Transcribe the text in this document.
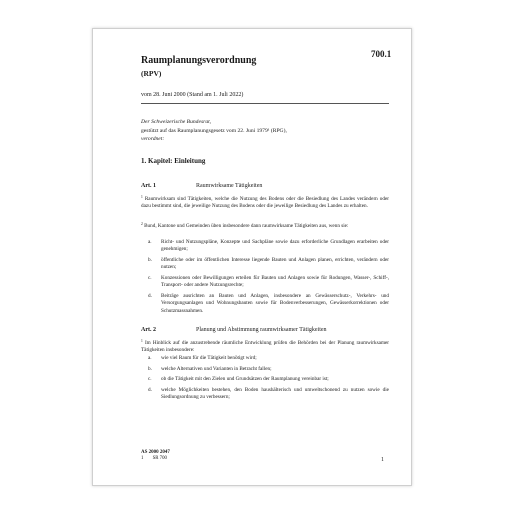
700.1
Raumplanungsverordnung
(RPV)
vom 28. Juni 2000 (Stand am 1. Juli 2022)
Der Schweizerische Bundesrat,
gestützt auf das Raumplanungsgesetz vom 22. Juni 1979¹ (RPG),
verordnet:
1. Kapitel: Einleitung
Art. 1	Raumwirksame Tätigkeiten
$^1$ Raumwirksam sind Tätigkeiten, welche die Nutzung des Bodens oder die Besiedlung des Landes verändern oder dazu bestimmt sind, die jeweilige Nutzung des Bodens oder die jeweilige Besiedlung des Landes zu erhalten.
$^2$ Bund, Kantone und Gemeinden üben insbesondere dann raumwirksame Tätigkeiten aus, wenn sie:
a. Richt- und Nutzungspläne, Konzepte und Sachpläne sowie dazu erforderliche Grundlagen erarbeiten oder genehmigen;
b. öffentliche oder im öffentlichen Interesse liegende Bauten und Anlagen planen, errichten, verändern oder nutzen;
c. Konzessionen oder Bewilligungen erteilen für Bauten und Anlagen sowie für Rodungen, Wasser-, Schiff-, Transport- oder andere Nutzungsrechte;
d. Beiträge ausrichten an Bauten und Anlagen, insbesondere an Gewässerschutz-, Verkehrs- und Versorgungsanlagen und Wohnungsbauten sowie für Bodenverbesserungen, Gewässerkorrektionen oder Schutzmassnahmen.
Art. 2	Planung und Abstimmung raumwirksamer Tätigkeiten
$^1$ Im Hinblick auf die anzustrebende räumliche Entwicklung prüfen die Behörden bei der Planung raumwirksamer Tätigkeiten insbesondere:
a. wie viel Raum für die Tätigkeit benötigt wird;
b. welche Alternativen und Varianten in Betracht fallen;
c. ob die Tätigkeit mit den Zielen und Grundsätzen der Raumplanung vereinbar ist;
d. welche Möglichkeiten bestehen, den Boden haushälterisch und umweltschonend zu nutzen sowie die Siedlungsordnung zu verbessern;
AS 2000 2047
1 SR 700	1
